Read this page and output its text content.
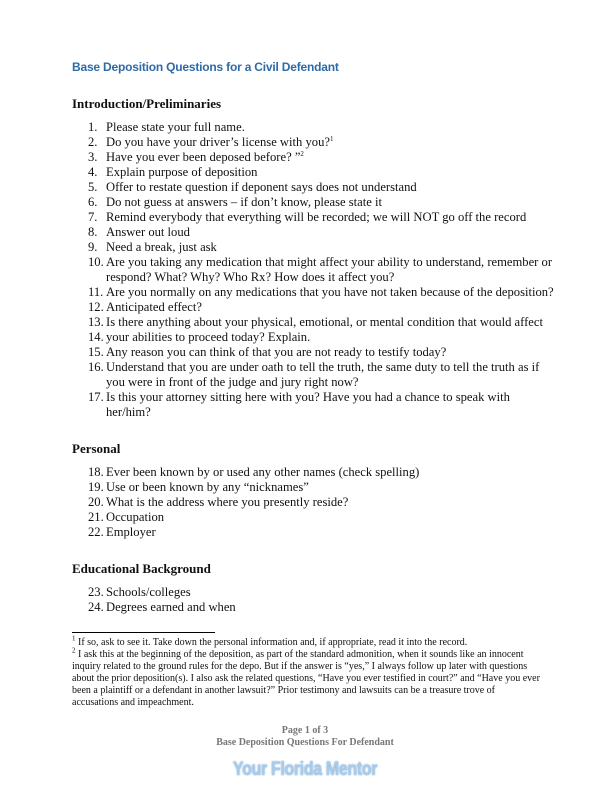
Base Deposition Questions for a Civil Defendant
Introduction/Preliminaries
1. Please state your full name.
2. Do you have your driver’s license with you?$^1$
3. Have you ever been deposed before? ”$^2$
4. Explain purpose of deposition
5. Offer to restate question if deponent says does not understand
6. Do not guess at answers – if don’t know, please state it
7. Remind everybody that everything will be recorded; we will NOT go off the record
8. Answer out loud
9. Need a break, just ask
10. Are you taking any medication that might affect your ability to understand, remember or respond? What? Why? Who Rx? How does it affect you?
11. Are you normally on any medications that you have not taken because of the deposition?
12. Anticipated effect?
13. Is there anything about your physical, emotional, or mental condition that would affect
14. your abilities to proceed today? Explain.
15. Any reason you can think of that you are not ready to testify today?
16. Understand that you are under oath to tell the truth, the same duty to tell the truth as if you were in front of the judge and jury right now?
17. Is this your attorney sitting here with you? Have you had a chance to speak with her/him?
Personal
18. Ever been known by or used any other names (check spelling)
19. Use or been known by any “nicknames”
20. What is the address where you presently reside?
21. Occupation
22. Employer
Educational Background
23. Schools/colleges
24. Degrees earned and when
$^1$ If so, ask to see it. Take down the personal information and, if appropriate, read it into the record.
$^2$ I ask this at the beginning of the deposition, as part of the standard admonition, when it sounds like an innocent inquiry related to the ground rules for the depo. But if the answer is “yes,” I always follow up later with questions about the prior deposition(s). I also ask the related questions, “Have you ever testified in court?” and “Have you ever been a plaintiff or a defendant in another lawsuit?” Prior testimony and lawsuits can be a treasure trove of accusations and impeachment.
Page 1 of 3
Base Deposition Questions For Defendant
Your Florida Mentor
